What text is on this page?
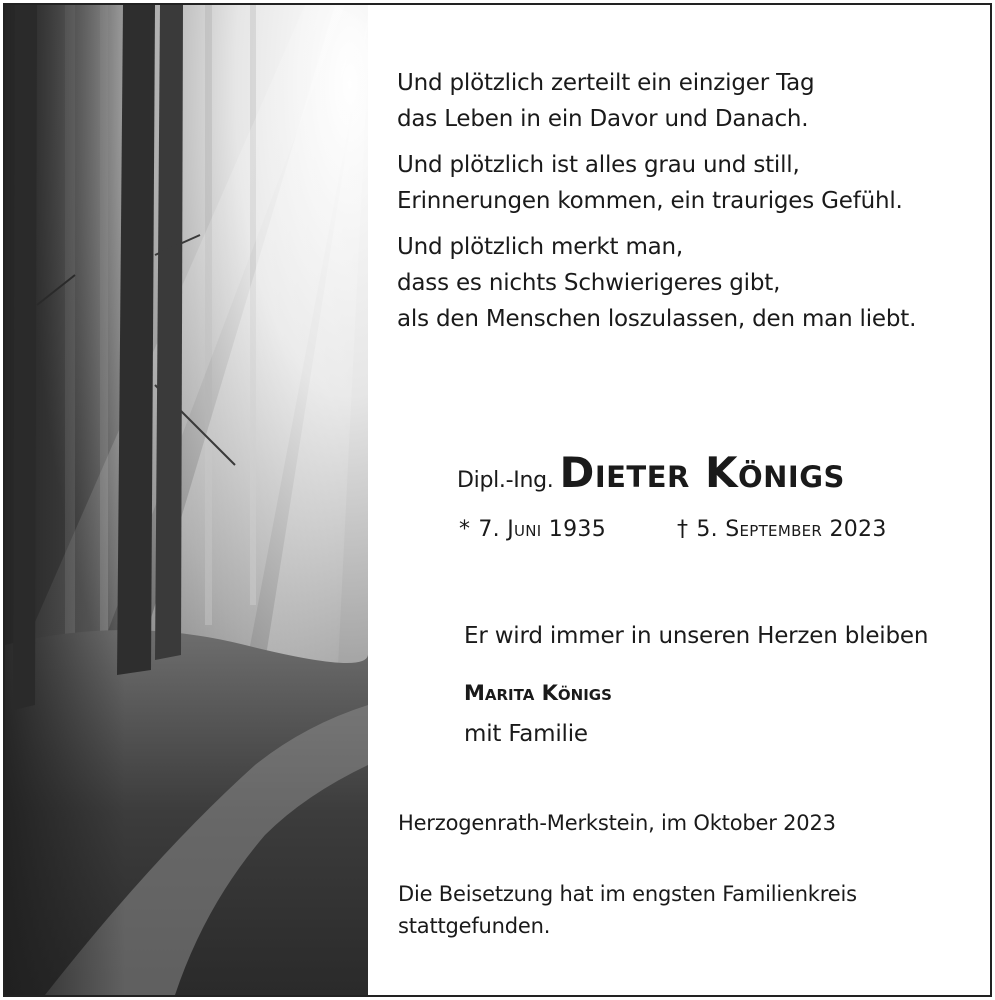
Und plötzlich zerteilt ein einziger Tag
das Leben in ein Davor und Danach.
Und plötzlich ist alles grau und still,
Erinnerungen kommen, ein trauriges Gefühl.
Und plötzlich merkt man,
dass es nichts Schwierigeres gibt,
als den Menschen loszulassen, den man liebt.
Dipl.-Ing. Dieter Königs
* 7. Juni 1935	† 5. September 2023
Er wird immer in unseren Herzen bleiben
Marita Königs
mit Familie
Herzogenrath-Merkstein, im Oktober 2023
Die Beisetzung hat im engsten Familienkreis
stattgefunden.
